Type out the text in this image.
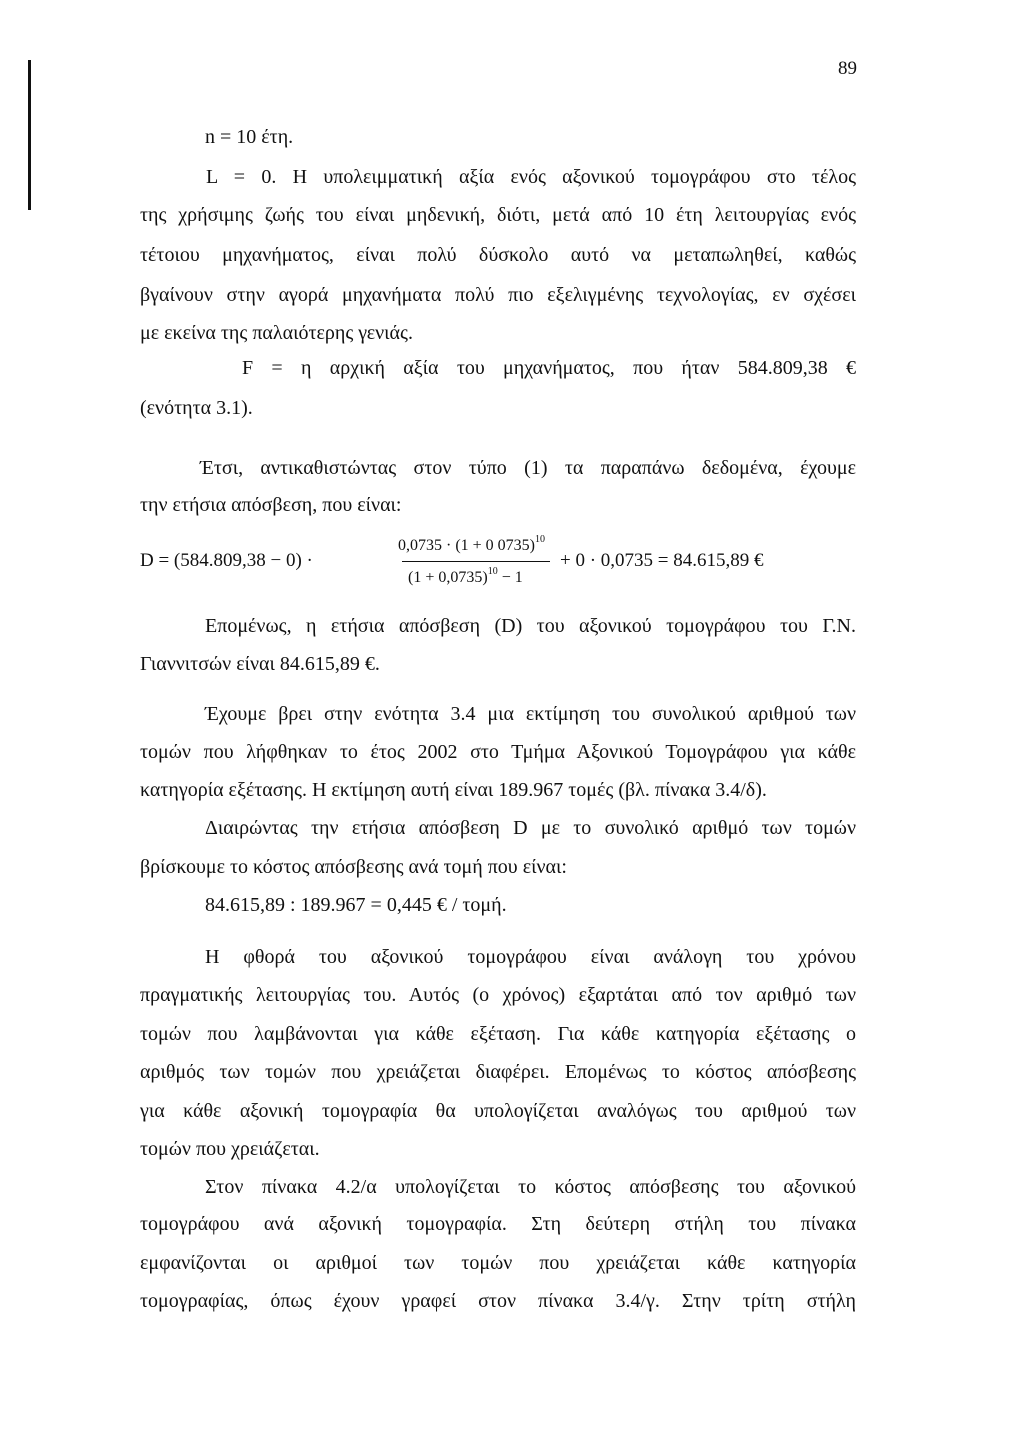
89
n = 10 έτη.
L = 0. Η υπολειμματική αξία ενός αξονικού τομογράφου στο τέλος
της χρήσιμης ζωής του είναι μηδενική, διότι, μετά από 10 έτη λειτουργίας ενός
τέτοιου μηχανήματος, είναι πολύ δύσκολο αυτό να μεταπωληθεί, καθώς
βγαίνουν στην αγορά μηχανήματα πολύ πιο εξελιγμένης τεχνολογίας, εν σχέσει
με εκείνα της παλαιότερης γενιάς.
F = η αρχική αξία του μηχανήματος, που ήταν 584.809,38 €
(ενότητα 3.1).
Έτσι, αντικαθιστώντας στον τύπο (1) τα παραπάνω δεδομένα, έχουμε
την ετήσια απόσβεση, που είναι:
D = (584.809,38 − 0) ·
0,0735 · (1 + 0 0735)$^{10}$
$(1 + 0,0735)^{10} - 1$
+ 0 · 0,0735 = 84.615,89 €
Επομένως, η ετήσια απόσβεση (D) του αξονικού τομογράφου του Γ.Ν.
Γιαννιτσών είναι 84.615,89 €.
Έχουμε βρει στην ενότητα 3.4 μια εκτίμηση του συνολικού αριθμού των
τομών που λήφθηκαν το έτος 2002 στο Τμήμα Αξονικού Τομογράφου για κάθε
κατηγορία εξέτασης. Η εκτίμηση αυτή είναι 189.967 τομές (βλ. πίνακα 3.4/δ).
Διαιρώντας την ετήσια απόσβεση D με το συνολικό αριθμό των τομών
βρίσκουμε το κόστος απόσβεσης ανά τομή που είναι:
84.615,89 : 189.967 = 0,445 € / τομή.
Η φθορά του αξονικού τομογράφου είναι ανάλογη του χρόνου
πραγματικής λειτουργίας του. Αυτός (ο χρόνος) εξαρτάται από τον αριθμό των
τομών που λαμβάνονται για κάθε εξέταση. Για κάθε κατηγορία εξέτασης ο
αριθμός των τομών που χρειάζεται διαφέρει. Επομένως το κόστος απόσβεσης
για κάθε αξονική τομογραφία θα υπολογίζεται αναλόγως του αριθμού των
τομών που χρειάζεται.
Στον πίνακα 4.2/α υπολογίζεται το κόστος απόσβεσης του αξονικού
τομογράφου ανά αξονική τομογραφία. Στη δεύτερη στήλη του πίνακα
εμφανίζονται οι αριθμοί των τομών που χρειάζεται κάθε κατηγορία
τομογραφίας, όπως έχουν γραφεί στον πίνακα 3.4/γ. Στην τρίτη στήλη
